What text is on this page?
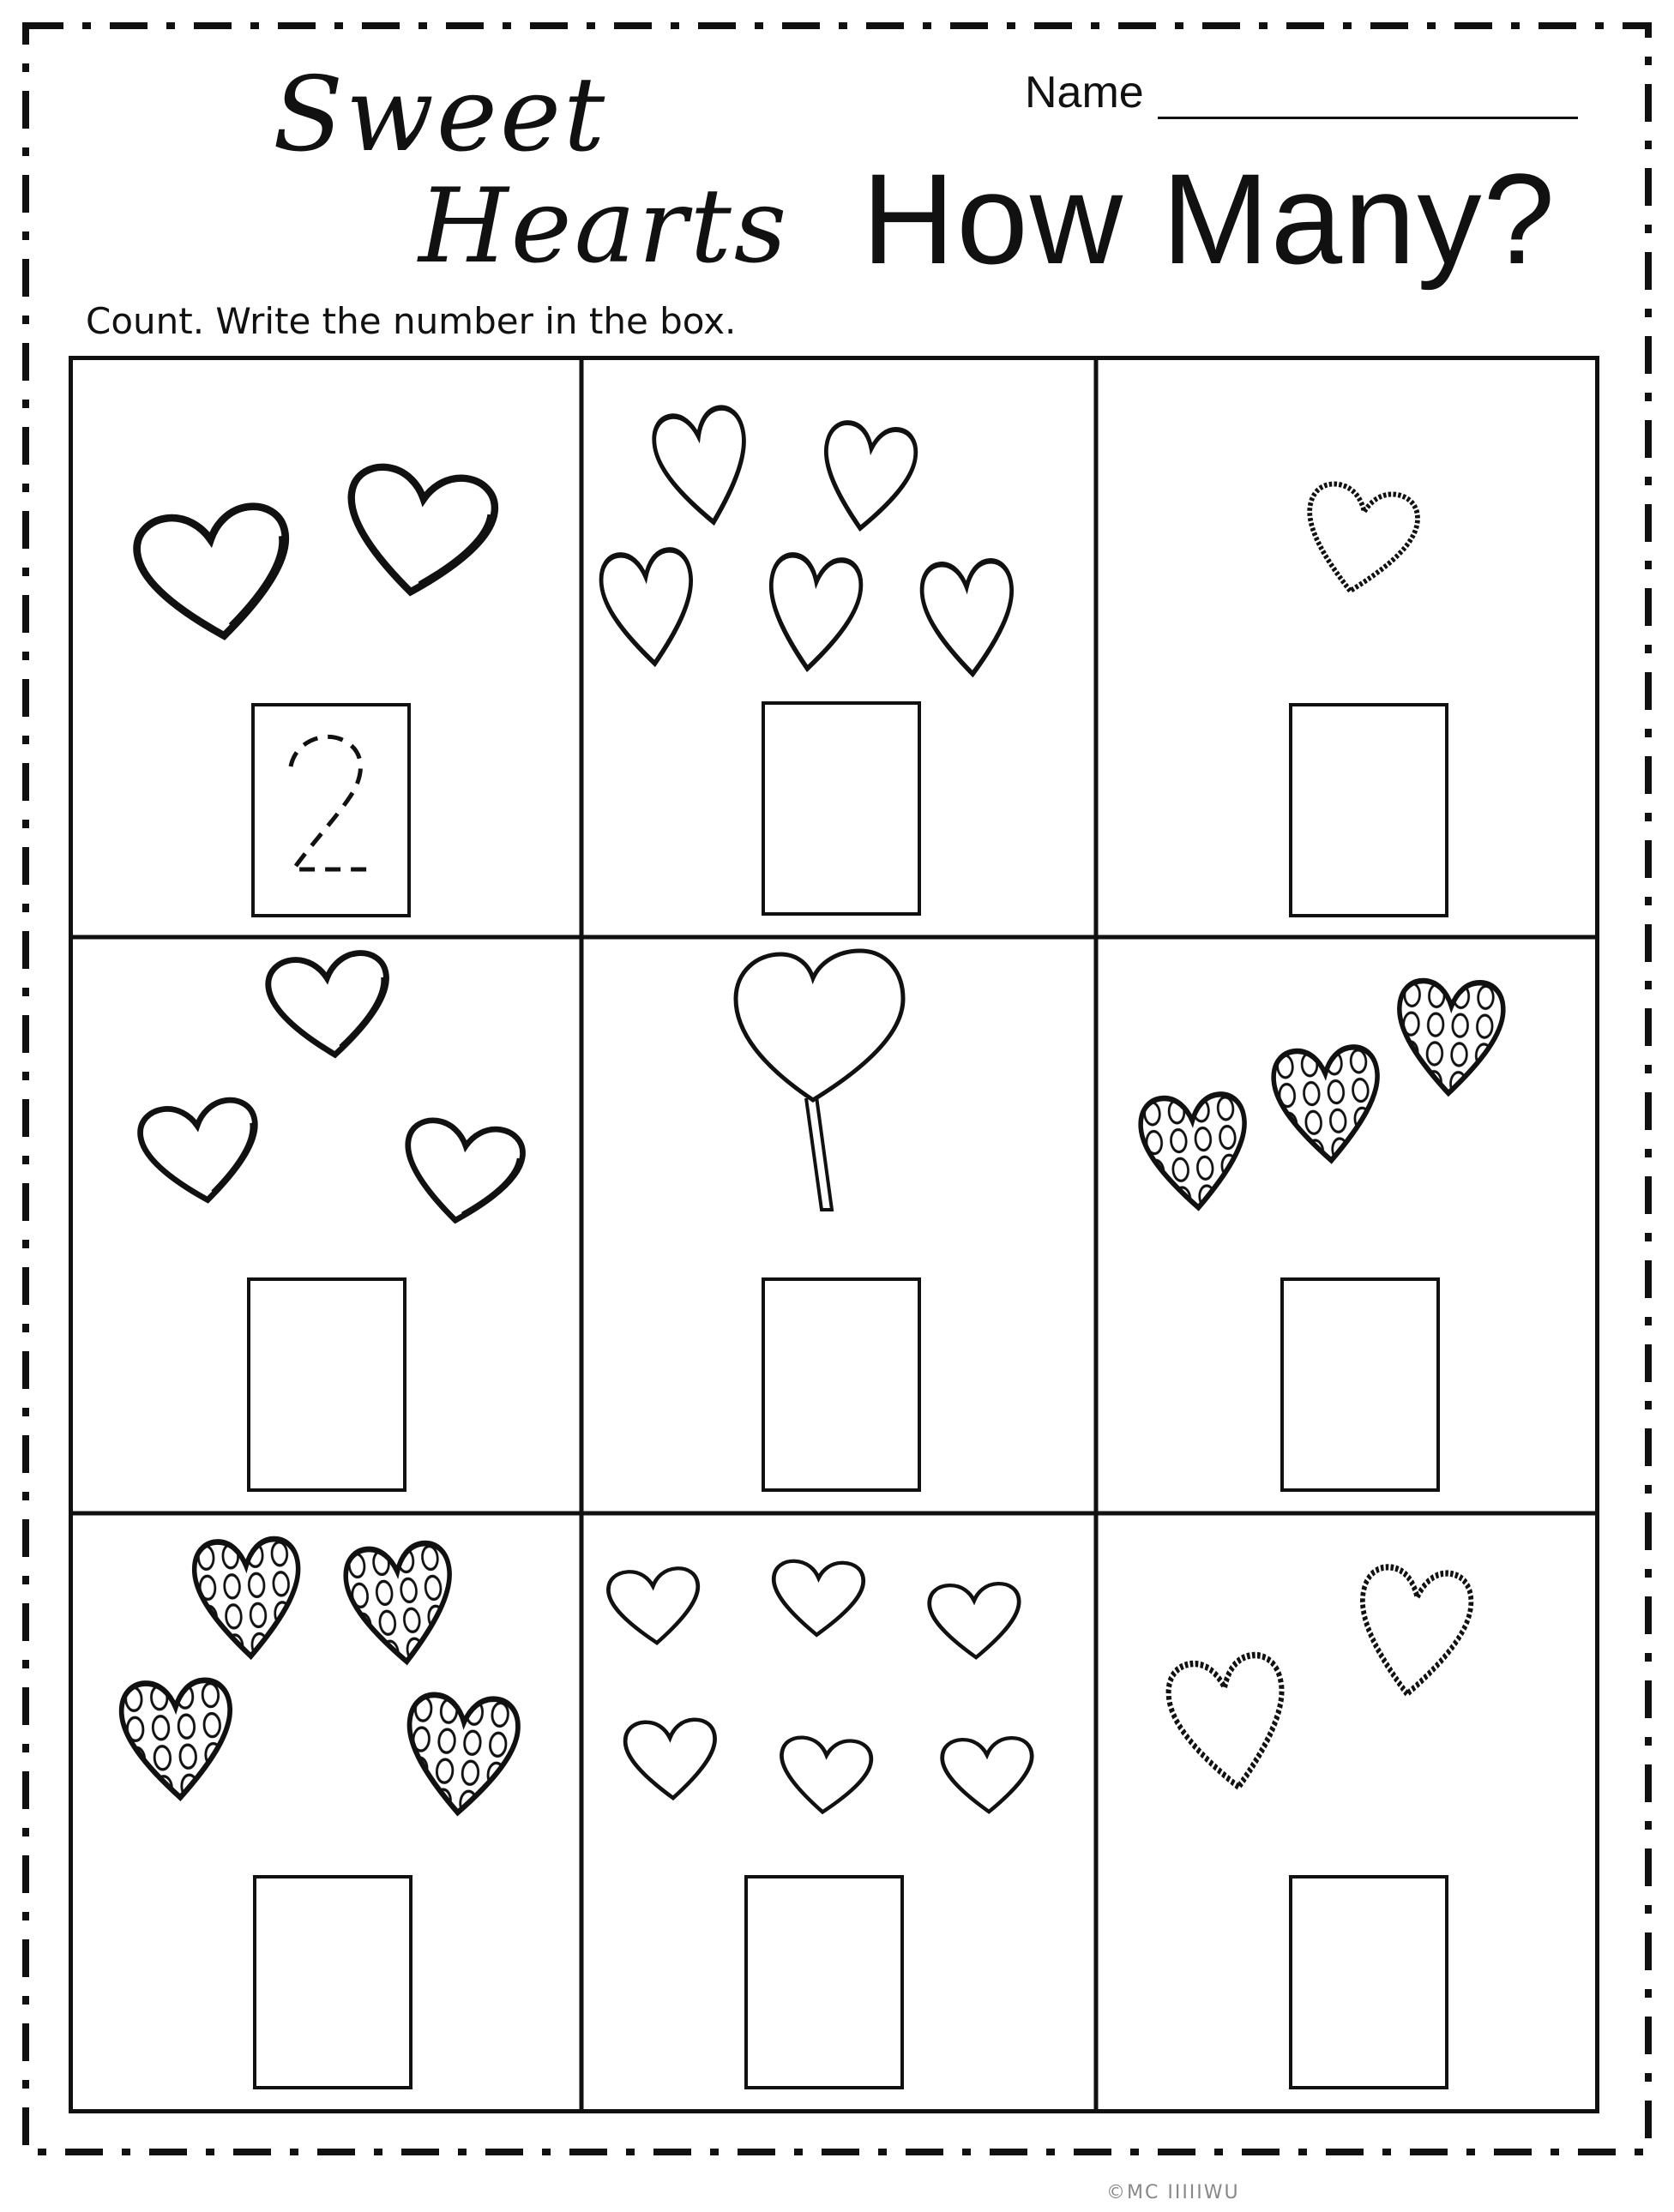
Sweet
Hearts
Name
How Many?
Count. Write the number in the box.
©MC IIIIIWU
